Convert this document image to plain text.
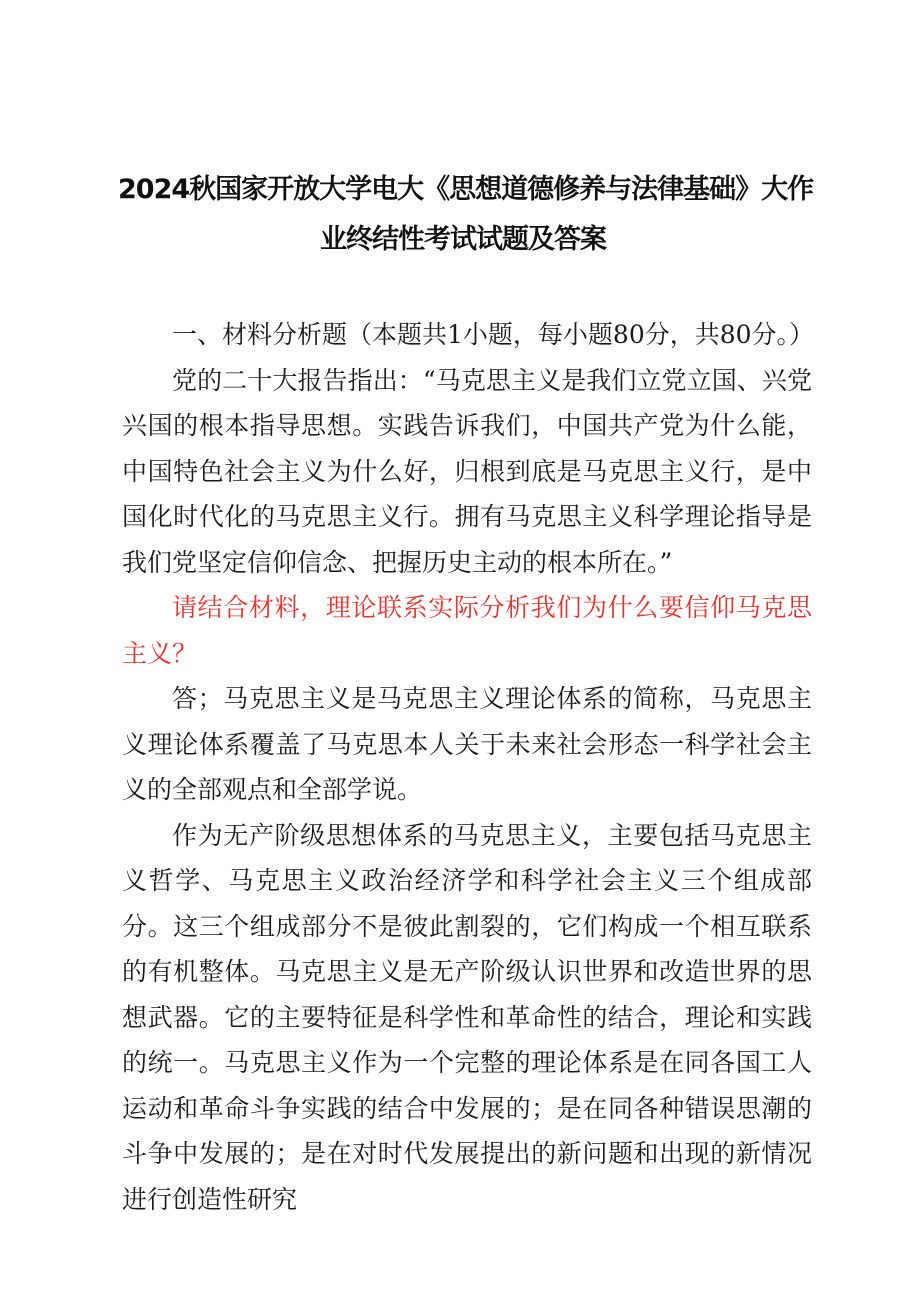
2024秋国家开放大学电大《思想道德修养与法律基础》大作
业终结性考试试题及答案

一、材料分析题（本题共1小题，每小题80分，共80分。）

党的二十大报告指出：“马克思主义是我们立党立国、兴党兴国的根本指导思想。实践告诉我们，中国共产党为什么能，中国特色社会主义为什么好，归根到底是马克思主义行，是中国化时代化的马克思主义行。拥有马克思主义科学理论指导是我们党坚定信仰信念、把握历史主动的根本所在。”

请结合材料，理论联系实际分析我们为什么要信仰马克思主义？

答；马克思主义是马克思主义理论体系的简称，马克思主义理论体系覆盖了马克思本人关于未来社会形态一科学社会主义的全部观点和全部学说。

作为无产阶级思想体系的马克思主义，主要包括马克思主义哲学、马克思主义政治经济学和科学社会主义三个组成部分。这三个组成部分不是彼此割裂的，它们构成一个相互联系的有机整体。马克思主义是无产阶级认识世界和改造世界的思想武器。它的主要特征是科学性和革命性的结合，理论和实践的统一。马克思主义作为一个完整的理论体系是在同各国工人运动和革命斗争实践的结合中发展的；是在同各种错误思潮的斗争中发展的；是在对时代发展提出的新问题和出现的新情况进行创造性研究
